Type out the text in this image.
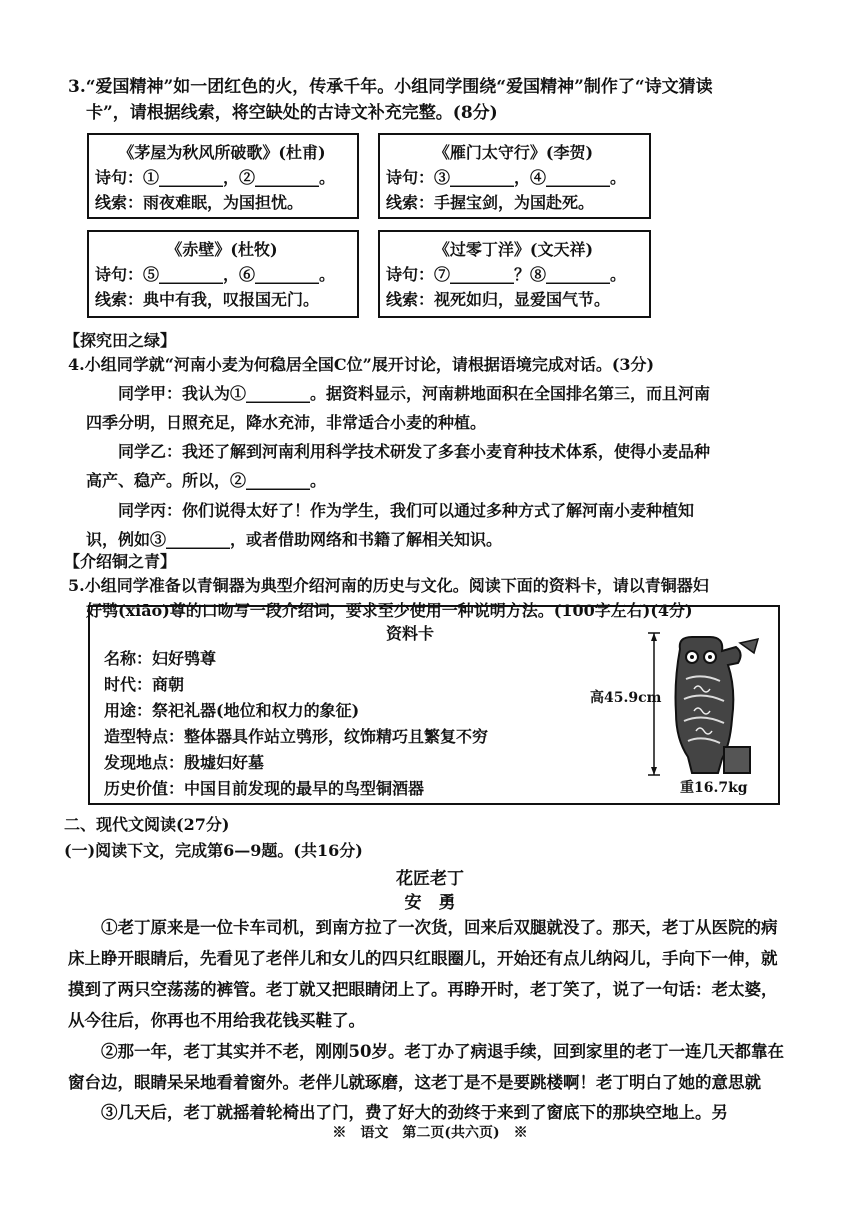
3.“爱国精神”如一团红色的火，传承千年。小组同学围绕“爱国精神”制作了“诗文猜读
卡”，请根据线索，将空缺处的古诗文补充完整。(8分)
《茅屋为秋风所破歌》(杜甫)
诗句：①________，②________。
线索：雨夜难眠，为国担忧。
《雁门太守行》(李贺)
诗句：③________，④________。
线索：手握宝剑，为国赴死。
《赤壁》(杜牧)
诗句：⑤________，⑥________。
线索：典中有我，叹报国无门。
《过零丁洋》(文天祥)
诗句：⑦________？⑧________。
线索：视死如归，显爱国气节。
【探究田之绿】
4.小组同学就“河南小麦为何稳居全国C位”展开讨论，请根据语境完成对话。(3分)
同学甲：我认为①________。据资料显示，河南耕地面积在全国排名第三，而且河南
四季分明，日照充足，降水充沛，非常适合小麦的种植。
同学乙：我还了解到河南利用科学技术研发了多套小麦育种技术体系，使得小麦品种
高产、稳产。所以，②________。
同学丙：你们说得太好了！作为学生，我们可以通过多种方式了解河南小麦种植知
识，例如③________，或者借助网络和书籍了解相关知识。
【介绍铜之青】
5.小组同学准备以青铜器为典型介绍河南的历史与文化。阅读下面的资料卡，请以青铜器妇
好鸮(xiāo)尊的口吻写一段介绍词，要求至少使用一种说明方法。(100字左右)(4分)
资料卡
名称：妇好鸮尊
时代：商朝
用途：祭祀礼器(地位和权力的象征)
造型特点：整体器具作站立鸮形，纹饰精巧且繁复不穷
发现地点：殷墟妇好墓
历史价值：中国目前发现的最早的鸟型铜酒器
高45.9cm
重16.7kg
二、现代文阅读(27分)
(一)阅读下文，完成第6—9题。(共16分)
花匠老丁
安　勇
①老丁原来是一位卡车司机，到南方拉了一次货，回来后双腿就没了。那天，老丁从医院的病床上睁开眼睛后，先看见了老伴儿和女儿的四只红眼圈儿，开始还有点儿纳闷儿，手向下一伸，就摸到了两只空荡荡的裤管。老丁就又把眼睛闭上了。再睁开时，老丁笑了，说了一句话：老太婆，从今往后，你再也不用给我花钱买鞋了。
②那一年，老丁其实并不老，刚刚50岁。老丁办了病退手续，回到家里的老丁一连几天都靠在窗台边，眼睛呆呆地看着窗外。老伴儿就琢磨，这老丁是不是要跳楼啊！老丁明白了她的意思就
③几天后，老丁就摇着轮椅出了门，费了好大的劲终于来到了窗底下的那块空地上。另
※　语文　第二页(共六页)　※
